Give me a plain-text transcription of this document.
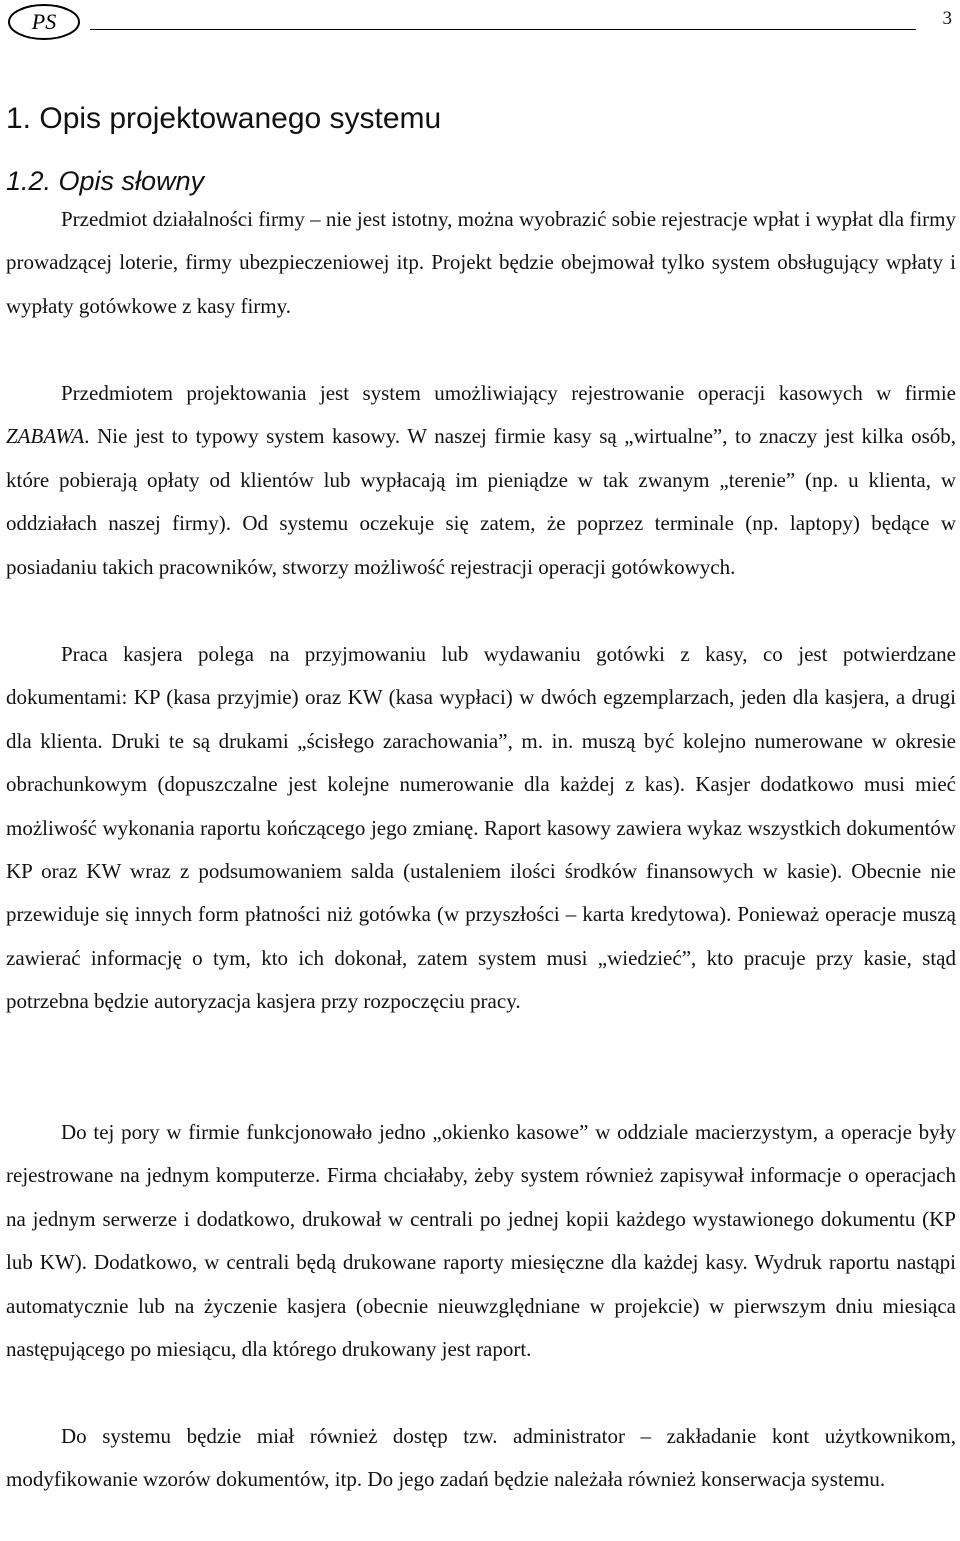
PS	3
1. Opis projektowanego systemu
1.2. Opis słowny

Przedmiot działalności firmy – nie jest istotny, można wyobrazić sobie rejestracje wpłat i wypłat dla firmy prowadzącej loterie, firmy ubezpieczeniowej itp. Projekt będzie obejmował tylko system obsługujący wpłaty i wypłaty gotówkowe z kasy firmy.

Przedmiotem projektowania jest system umożliwiający rejestrowanie operacji kasowych w firmie ZABAWA. Nie jest to typowy system kasowy. W naszej firmie kasy są „wirtualne”, to znaczy jest kilka osób, które pobierają opłaty od klientów lub wypłacają im pieniądze w tak zwanym „terenie” (np. u klienta, w oddziałach naszej firmy). Od systemu oczekuje się zatem, że poprzez terminale (np. laptopy) będące w posiadaniu takich pracowników, stworzy możliwość rejestracji operacji gotówkowych.

Praca kasjera polega na przyjmowaniu lub wydawaniu gotówki z kasy, co jest potwierdzane dokumentami: KP (kasa przyjmie) oraz KW (kasa wypłaci) w dwóch egzemplarzach, jeden dla kasjera, a drugi dla klienta. Druki te są drukami „ścisłego zarachowania”, m. in. muszą być kolejno numerowane w okresie obrachunkowym (dopuszczalne jest kolejne numerowanie dla każdej z kas). Kasjer dodatkowo musi mieć możliwość wykonania raportu kończącego jego zmianę. Raport kasowy zawiera wykaz wszystkich dokumentów KP oraz KW wraz z podsumowaniem salda (ustaleniem ilości środków finansowych w kasie). Obecnie nie przewiduje się innych form płatności niż gotówka (w przyszłości – karta kredytowa). Ponieważ operacje muszą zawierać informację o tym, kto ich dokonał, zatem system musi „wiedzieć”, kto pracuje przy kasie, stąd potrzebna będzie autoryzacja kasjera przy rozpoczęciu pracy.

Do tej pory w firmie funkcjonowało jedno „okienko kasowe” w oddziale macierzystym, a operacje były rejestrowane na jednym komputerze. Firma chciałaby, żeby system również zapisywał informacje o operacjach na jednym serwerze i dodatkowo, drukował w centrali po jednej kopii każdego wystawionego dokumentu (KP lub KW). Dodatkowo, w centrali będą drukowane raporty miesięczne dla każdej kasy. Wydruk raportu nastąpi automatycznie lub na życzenie kasjera (obecnie nieuwzględniane w projekcie) w pierwszym dniu miesiąca następującego po miesiącu, dla którego drukowany jest raport.

Do systemu będzie miał również dostęp tzw. administrator – zakładanie kont użytkownikom, modyfikowanie wzorów dokumentów, itp. Do jego zadań będzie należała również konserwacja systemu.
